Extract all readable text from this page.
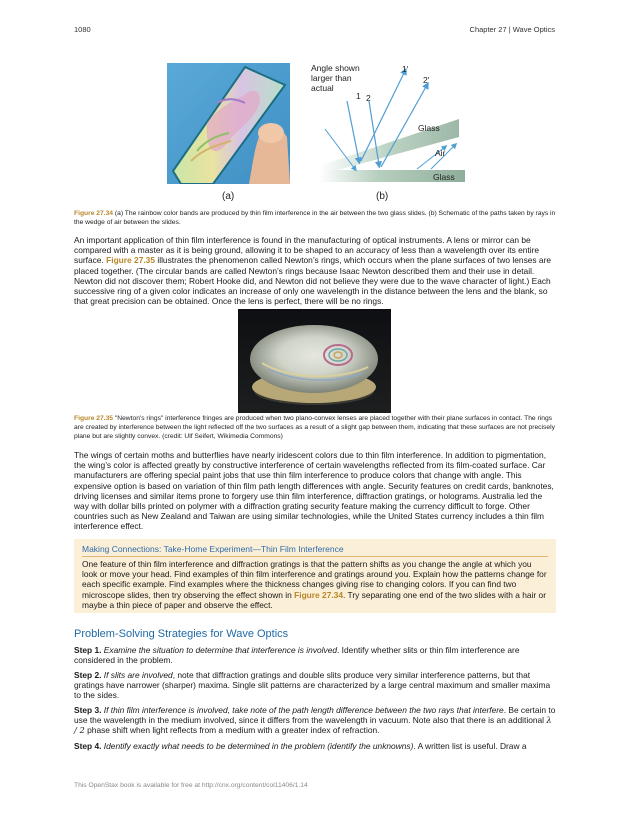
1080	Chapter 27 | Wave Optics
Angle shown larger than actual
1 2
1′
2′
Glass
Air
Glass
(a)	(b)
Figure 27.34 (a) The rainbow color bands are produced by thin film interference in the air between the two glass slides. (b) Schematic of the paths taken by rays in the wedge of air between the slides.
An important application of thin film interference is found in the manufacturing of optical instruments. A lens or mirror can be compared with a master as it is being ground, allowing it to be shaped to an accuracy of less than a wavelength over its entire surface. Figure 27.35 illustrates the phenomenon called Newton’s rings, which occurs when the plane surfaces of two lenses are placed together. (The circular bands are called Newton’s rings because Isaac Newton described them and their use in detail. Newton did not discover them; Robert Hooke did, and Newton did not believe they were due to the wave character of light.) Each successive ring of a given color indicates an increase of only one wavelength in the distance between the lens and the blank, so that great precision can be obtained. Once the lens is perfect, there will be no rings.
Figure 27.35 "Newton's rings" interference fringes are produced when two plano-convex lenses are placed together with their plane surfaces in contact. The rings are created by interference between the light reflected off the two surfaces as a result of a slight gap between them, indicating that these surfaces are not precisely plane but are slightly convex. (credit: Ulf Seifert, Wikimedia Commons)
The wings of certain moths and butterflies have nearly iridescent colors due to thin film interference. In addition to pigmentation, the wing’s color is affected greatly by constructive interference of certain wavelengths reflected from its film-coated surface. Car manufacturers are offering special paint jobs that use thin film interference to produce colors that change with angle. This expensive option is based on variation of thin film path length differences with angle. Security features on credit cards, banknotes, driving licenses and similar items prone to forgery use thin film interference, diffraction gratings, or holograms. Australia led the way with dollar bills printed on polymer with a diffraction grating security feature making the currency difficult to forge. Other countries such as New Zealand and Taiwan are using similar technologies, while the United States currency includes a thin film interference effect.
Making Connections: Take-Home Experiment—Thin Film Interference
One feature of thin film interference and diffraction gratings is that the pattern shifts as you change the angle at which you look or move your head. Find examples of thin film interference and gratings around you. Explain how the patterns change for each specific example. Find examples where the thickness changes giving rise to changing colors. If you can find two microscope slides, then try observing the effect shown in Figure 27.34. Try separating one end of the two slides with a hair or maybe a thin piece of paper and observe the effect.
Problem-Solving Strategies for Wave Optics
Step 1. Examine the situation to determine that interference is involved. Identify whether slits or thin film interference are considered in the problem.
Step 2. If slits are involved, note that diffraction gratings and double slits produce very similar interference patterns, but that gratings have narrower (sharper) maxima. Single slit patterns are characterized by a large central maximum and smaller maxima to the sides.
Step 3. If thin film interference is involved, take note of the path length difference between the two rays that interfere. Be certain to use the wavelength in the medium involved, since it differs from the wavelength in vacuum. Note also that there is an additional λ / 2 phase shift when light reflects from a medium with a greater index of refraction.
Step 4. Identify exactly what needs to be determined in the problem (identify the unknowns). A written list is useful. Draw a
This OpenStax book is available for free at http://cnx.org/content/col11406/1.14
